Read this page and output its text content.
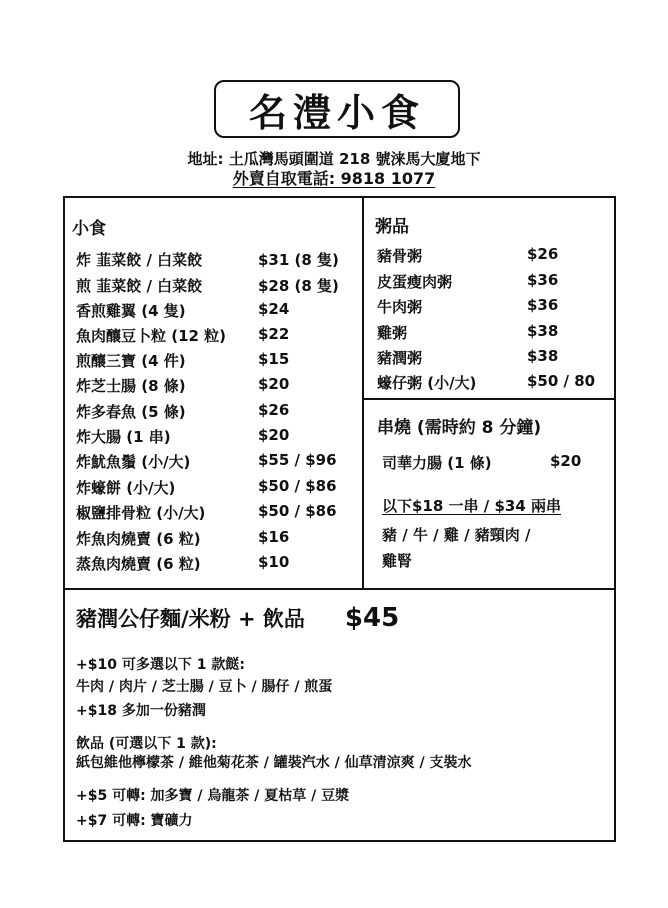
名澧小食
地址: 土瓜灣馬頭圍道 218 號涞馬大廈地下
外賣自取電話: 9818 1077
小食
炸 韮菜餃 / 白菜餃	$31 (8 隻)
煎 韮菜餃 / 白菜餃	$28 (8 隻)
香煎雞翼 (4 隻)	$24
魚肉釀豆卜粒 (12 粒) $22
煎釀三寶 (4 件)	$15
炸芝士腸 (8 條)	$20
炸多春魚 (5 條)	$26
炸大腸 (1 串)	$20
炸魷魚鬚 (小/大)	$55 / $96
炸蠔餅 (小/大)	$50 / $86
椒鹽排骨粒 (小/大)	$50 / $86
炸魚肉燒賣 (6 粒)	$16
蒸魚肉燒賣 (6 粒)	$10
粥品
豬骨粥	$26
皮蛋瘦肉粥	$36
牛肉粥	$36
雞粥	$38
豬潤粥	$38
蠔仔粥 (小/大)	$50 / 80
串燒 (需時約 8 分鐘)
司華力腸 (1 條)	$20
以下$18 一串 / $34 兩串
豬 / 牛 / 雞 / 豬頸肉 /
雞腎
豬潤公仔麵/米粉 + 飲品 $45
+$10 可多選以下 1 款餸:
牛肉 / 肉片 / 芝士腸 / 豆卜 / 腸仔 / 煎蛋
+$18 多加一份豬潤
飲品 (可選以下 1 款):
紙包維他檸檬茶 / 維他菊花茶 / 罐裝汽水 / 仙草清涼爽 / 支裝水
+$5 可轉: 加多寶 / 烏龍茶 / 夏枯草 / 豆漿
+$7 可轉: 寶礦力
